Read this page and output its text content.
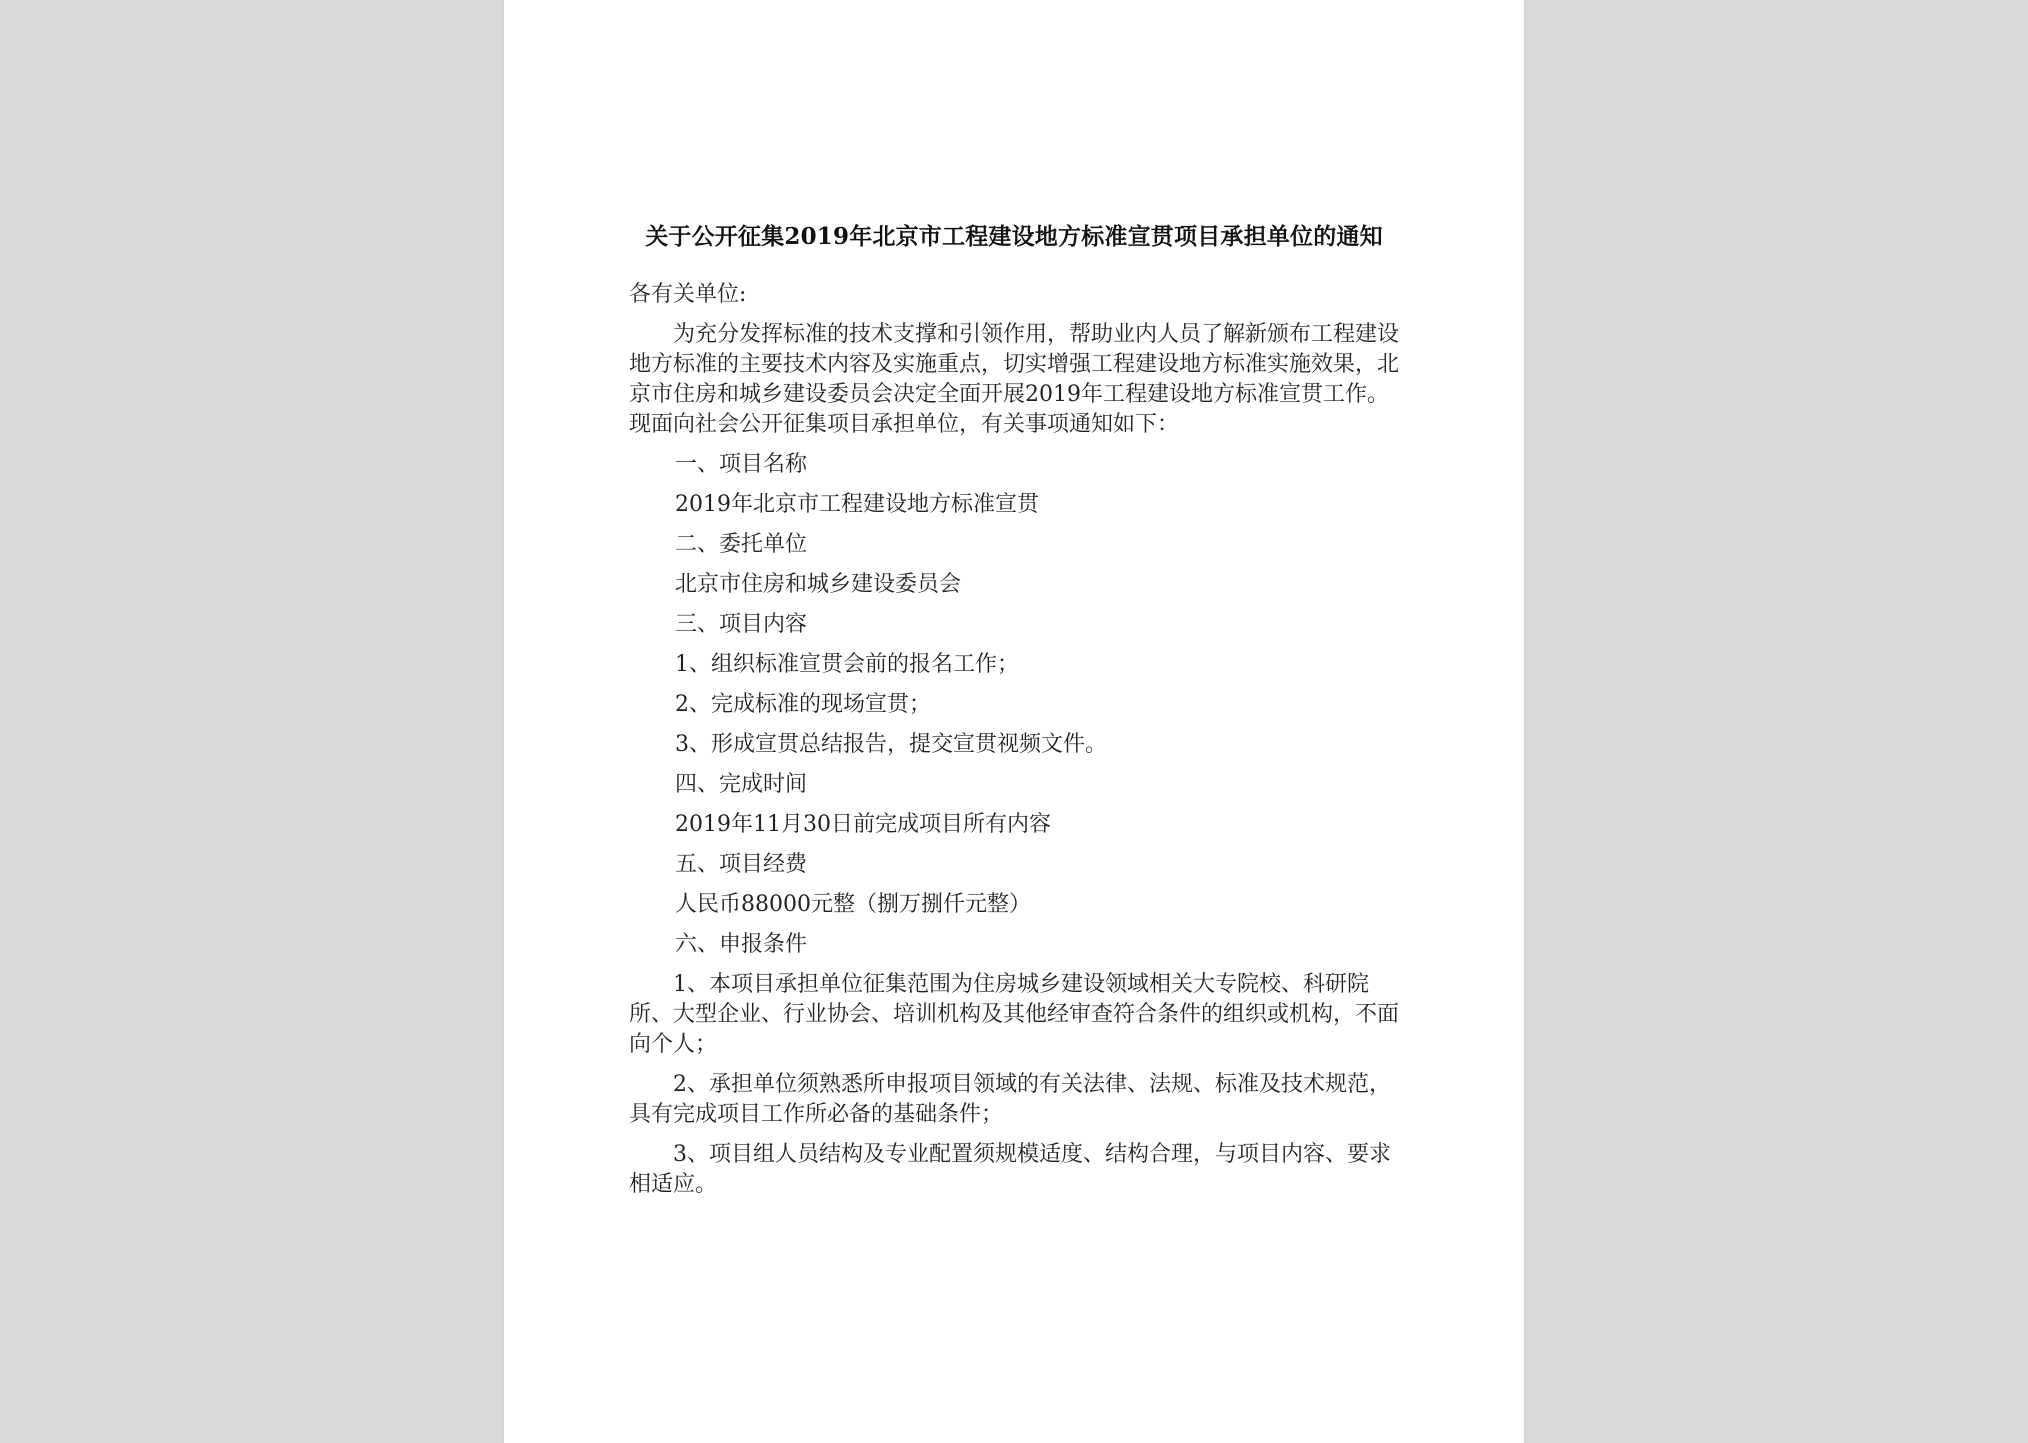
关于公开征集2019年北京市工程建设地方标准宣贯项目承担单位的通知
各有关单位:
为充分发挥标准的技术支撑和引领作用，帮助业内人员了解新颁布工程建设地方标准的主要技术内容及实施重点，切实增强工程建设地方标准实施效果，北京市住房和城乡建设委员会决定全面开展2019年工程建设地方标准宣贯工作。现面向社会公开征集项目承担单位，有关事项通知如下：
一、项目名称
2019年北京市工程建设地方标准宣贯
二、委托单位
北京市住房和城乡建设委员会
三、项目内容
1、组织标准宣贯会前的报名工作；
2、完成标准的现场宣贯；
3、形成宣贯总结报告，提交宣贯视频文件。
四、完成时间
2019年11月30日前完成项目所有内容
五、项目经费
人民币88000元整（捌万捌仟元整）
六、申报条件
1、本项目承担单位征集范围为住房城乡建设领域相关大专院校、科研院所、大型企业、行业协会、培训机构及其他经审查符合条件的组织或机构，不面向个人；
2、承担单位须熟悉所申报项目领域的有关法律、法规、标准及技术规范，具有完成项目工作所必备的基础条件；
3、项目组人员结构及专业配置须规模适度、结构合理，与项目内容、要求相适应。
